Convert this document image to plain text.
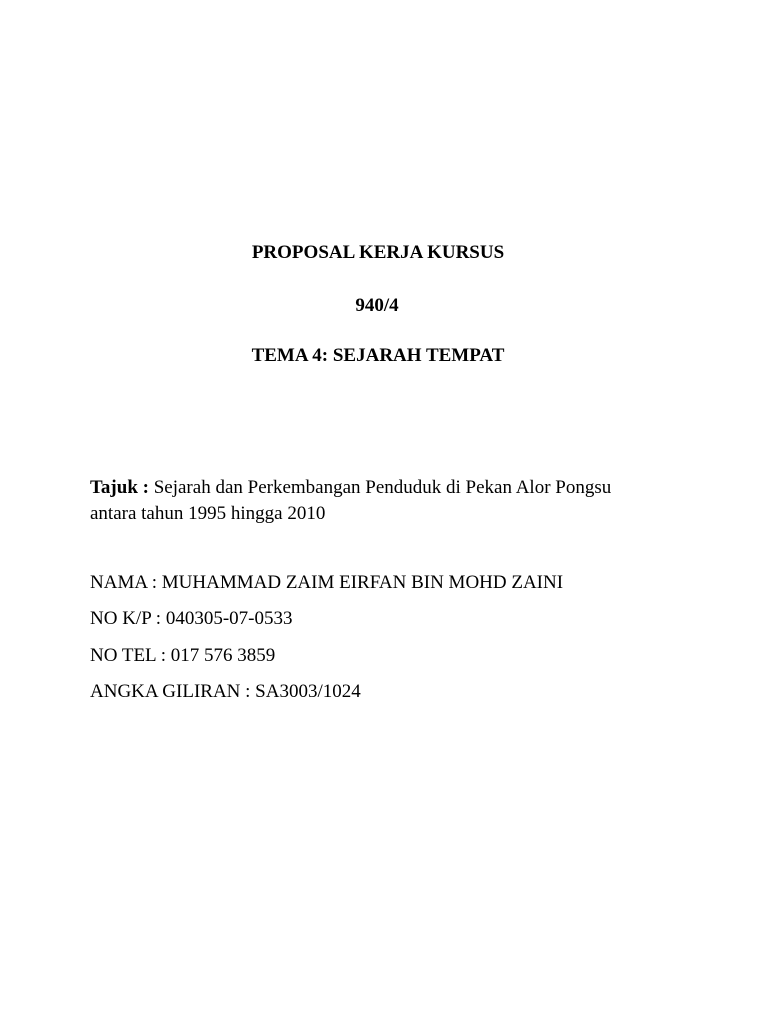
PROPOSAL KERJA KURSUS
940/4
TEMA 4: SEJARAH TEMPAT
Tajuk : Sejarah dan Perkembangan Penduduk di Pekan Alor Pongsu
antara tahun 1995 hingga 2010
NAMA : MUHAMMAD ZAIM EIRFAN BIN MOHD ZAINI
NO K/P : 040305-07-0533
NO TEL : 017 576 3859
ANGKA GILIRAN : SA3003/1024
